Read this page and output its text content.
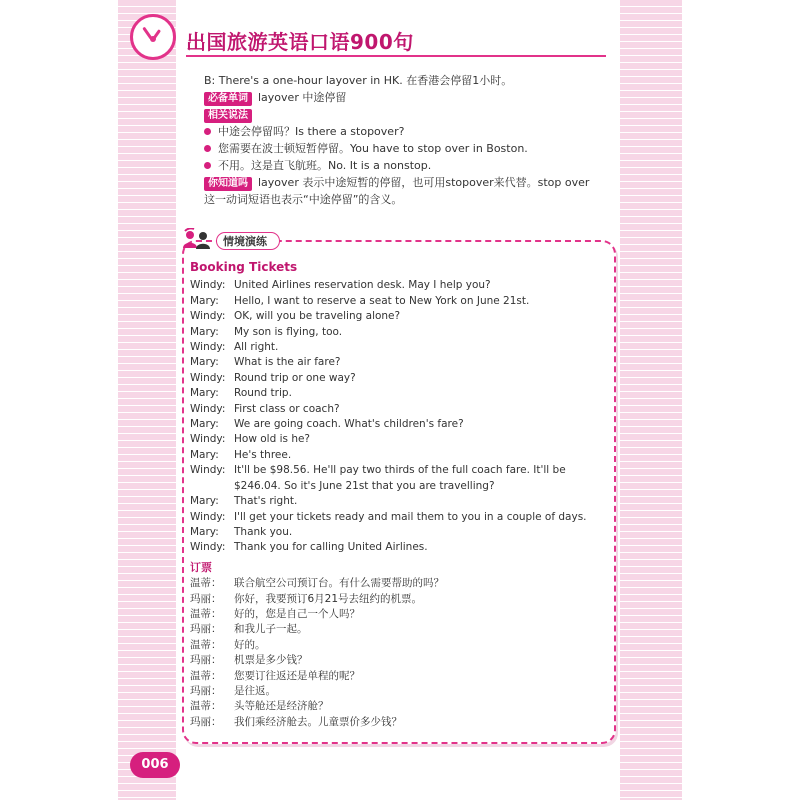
出国旅游英语口语900句
B: There's a one-hour layover in HK. 在香港会停留1小时。
必备单词 layover 中途停留
相关说法
中途会停留吗？Is there a stopover?
您需要在波士顿短暂停留。You have to stop over in Boston.
不用。这是直飞航班。No. It is a nonstop.
你知道吗 layover 表示中途短暂的停留，也可用stopover来代替。stop over
这一动词短语也表示“中途停留”的含义。
情境演练
Booking Tickets
Windy: United Airlines reservation desk. May I help you?
Mary:	Hello, I want to reserve a seat to New York on June 21st.
Windy: OK, will you be traveling alone?
Mary:	My son is flying, too.
Windy: All right.
Mary:	What is the air fare?
Windy: Round trip or one way?
Mary:	Round trip.
Windy: First class or coach?
Mary:	We are going coach. What's children's fare?
Windy: How old is he?
Mary:	He's three.
Windy: It'll be $98.56. He'll pay two thirds of the full coach fare. It'll be $246.04. So it's June 21st that you are travelling?
Mary:	That's right.
Windy: I'll get your tickets ready and mail them to you in a couple of days.
Mary:	Thank you.
Windy: Thank you for calling United Airlines.
订票
温蒂：	联合航空公司预订台。有什么需要帮助的吗？
玛丽：	你好，我要预订6月21号去纽约的机票。
温蒂：	好的，您是自己一个人吗？
玛丽：	和我儿子一起。
温蒂：	好的。
玛丽：	机票是多少钱？
温蒂：	您要订往返还是单程的呢？
玛丽：	是往返。
温蒂：	头等舱还是经济舱？
玛丽：	我们乘经济舱去。儿童票价多少钱？
006
